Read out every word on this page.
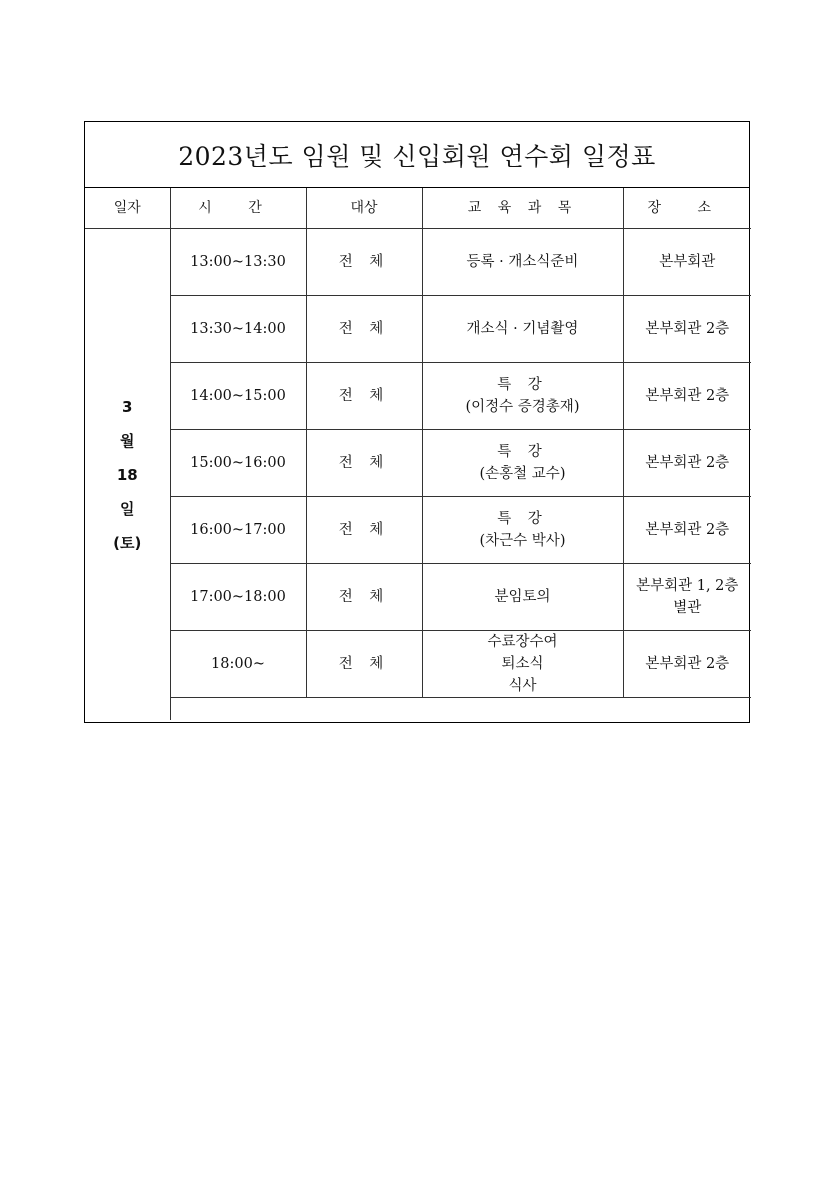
2023년도 임원 및 신입회원 연수회 일정표
일자	시 간	대상	교 육 과 목	장 소

3
월
18
일
(토)	13:00~13:30	전 체	등록 · 개소식준비	본부회관

	13:30~14:00	전 체	개소식 · 기념촬영	본부회관 2층

	14:00~15:00	전 체	특 강
(이정수 증경총재)	본부회관 2층

	15:00~16:00	전 체	특 강
(손홍철 교수)	본부회관 2층

	16:00~17:00	전 체	특 강
(차근수 박사)	본부회관 2층

	17:00~18:00	전 체	분임토의	본부회관 1, 2층
별관

	18:00~	전 체	수료장수여
퇴소식
식사	본부회관 2층
